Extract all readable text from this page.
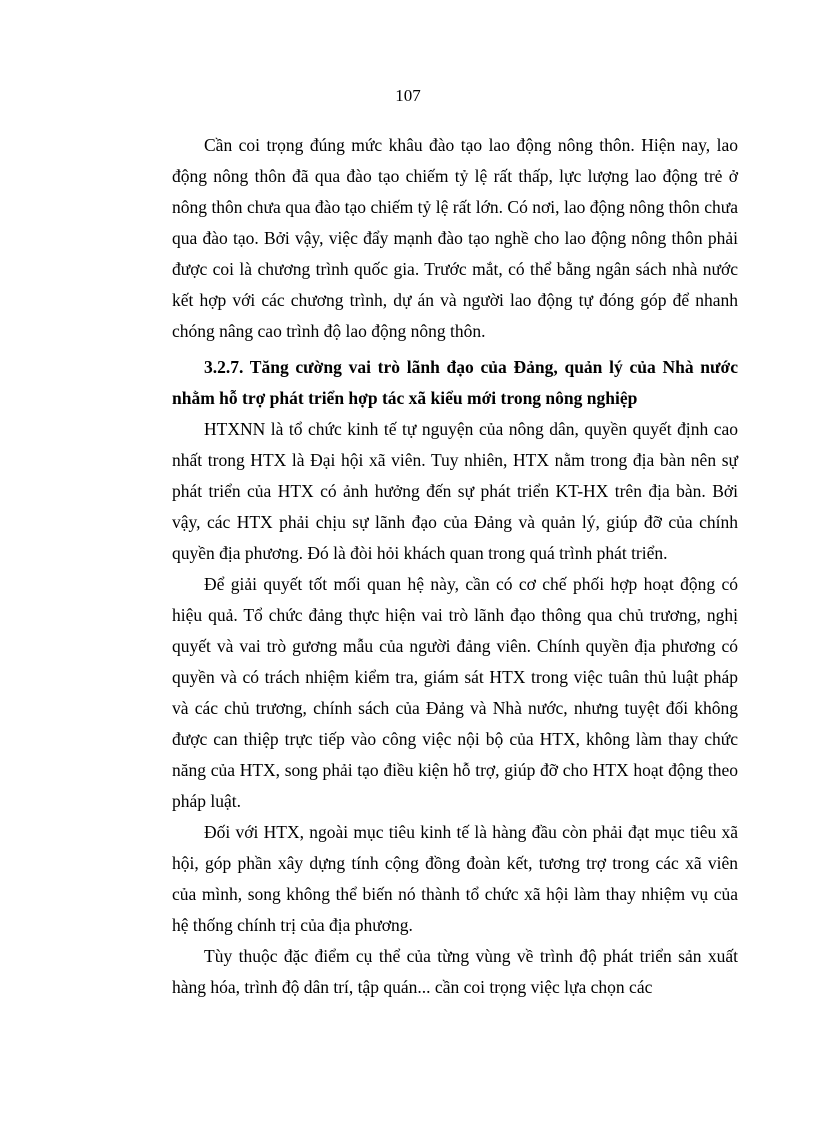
107

Cần coi trọng đúng mức khâu đào tạo lao động nông thôn. Hiện nay, lao động nông thôn đã qua đào tạo chiếm tỷ lệ rất thấp, lực lượng lao động trẻ ở nông thôn chưa qua đào tạo chiếm tỷ lệ rất lớn. Có nơi, lao động nông thôn chưa qua đào tạo. Bởi vậy, việc đẩy mạnh đào tạo nghề cho lao động nông thôn phải được coi là chương trình quốc gia. Trước mắt, có thể bằng ngân sách nhà nước kết hợp với các chương trình, dự án và người lao động tự đóng góp để nhanh chóng nâng cao trình độ lao động nông thôn.

3.2.7. Tăng cường vai trò lãnh đạo của Đảng, quản lý của Nhà nước nhằm hỗ trợ phát triển hợp tác xã kiểu mới trong nông nghiệp

HTXNN là tổ chức kinh tế tự nguyện của nông dân, quyền quyết định cao nhất trong HTX là Đại hội xã viên. Tuy nhiên, HTX nằm trong địa bàn nên sự phát triển của HTX có ảnh hưởng đến sự phát triển KT-HX trên địa bàn. Bởi vậy, các HTX phải chịu sự lãnh đạo của Đảng và quản lý, giúp đỡ của chính quyền địa phương. Đó là đòi hỏi khách quan trong quá trình phát triển.

Để giải quyết tốt mối quan hệ này, cần có cơ chế phối hợp hoạt động có hiệu quả. Tổ chức đảng thực hiện vai trò lãnh đạo thông qua chủ trương, nghị quyết và vai trò gương mẫu của người đảng viên. Chính quyền địa phương có quyền và có trách nhiệm kiểm tra, giám sát HTX trong việc tuân thủ luật pháp và các chủ trương, chính sách của Đảng và Nhà nước, nhưng tuyệt đối không được can thiệp trực tiếp vào công việc nội bộ của HTX, không làm thay chức năng của HTX, song phải tạo điều kiện hỗ trợ, giúp đỡ cho HTX hoạt động theo pháp luật.

Đối với HTX, ngoài mục tiêu kinh tế là hàng đầu còn phải đạt mục tiêu xã hội, góp phần xây dựng tính cộng đồng đoàn kết, tương trợ trong các xã viên của mình, song không thể biến nó thành tổ chức xã hội làm thay nhiệm vụ của hệ thống chính trị của địa phương.

Tùy thuộc đặc điểm cụ thể của từng vùng về trình độ phát triển sản xuất hàng hóa, trình độ dân trí, tập quán... cần coi trọng việc lựa chọn các
